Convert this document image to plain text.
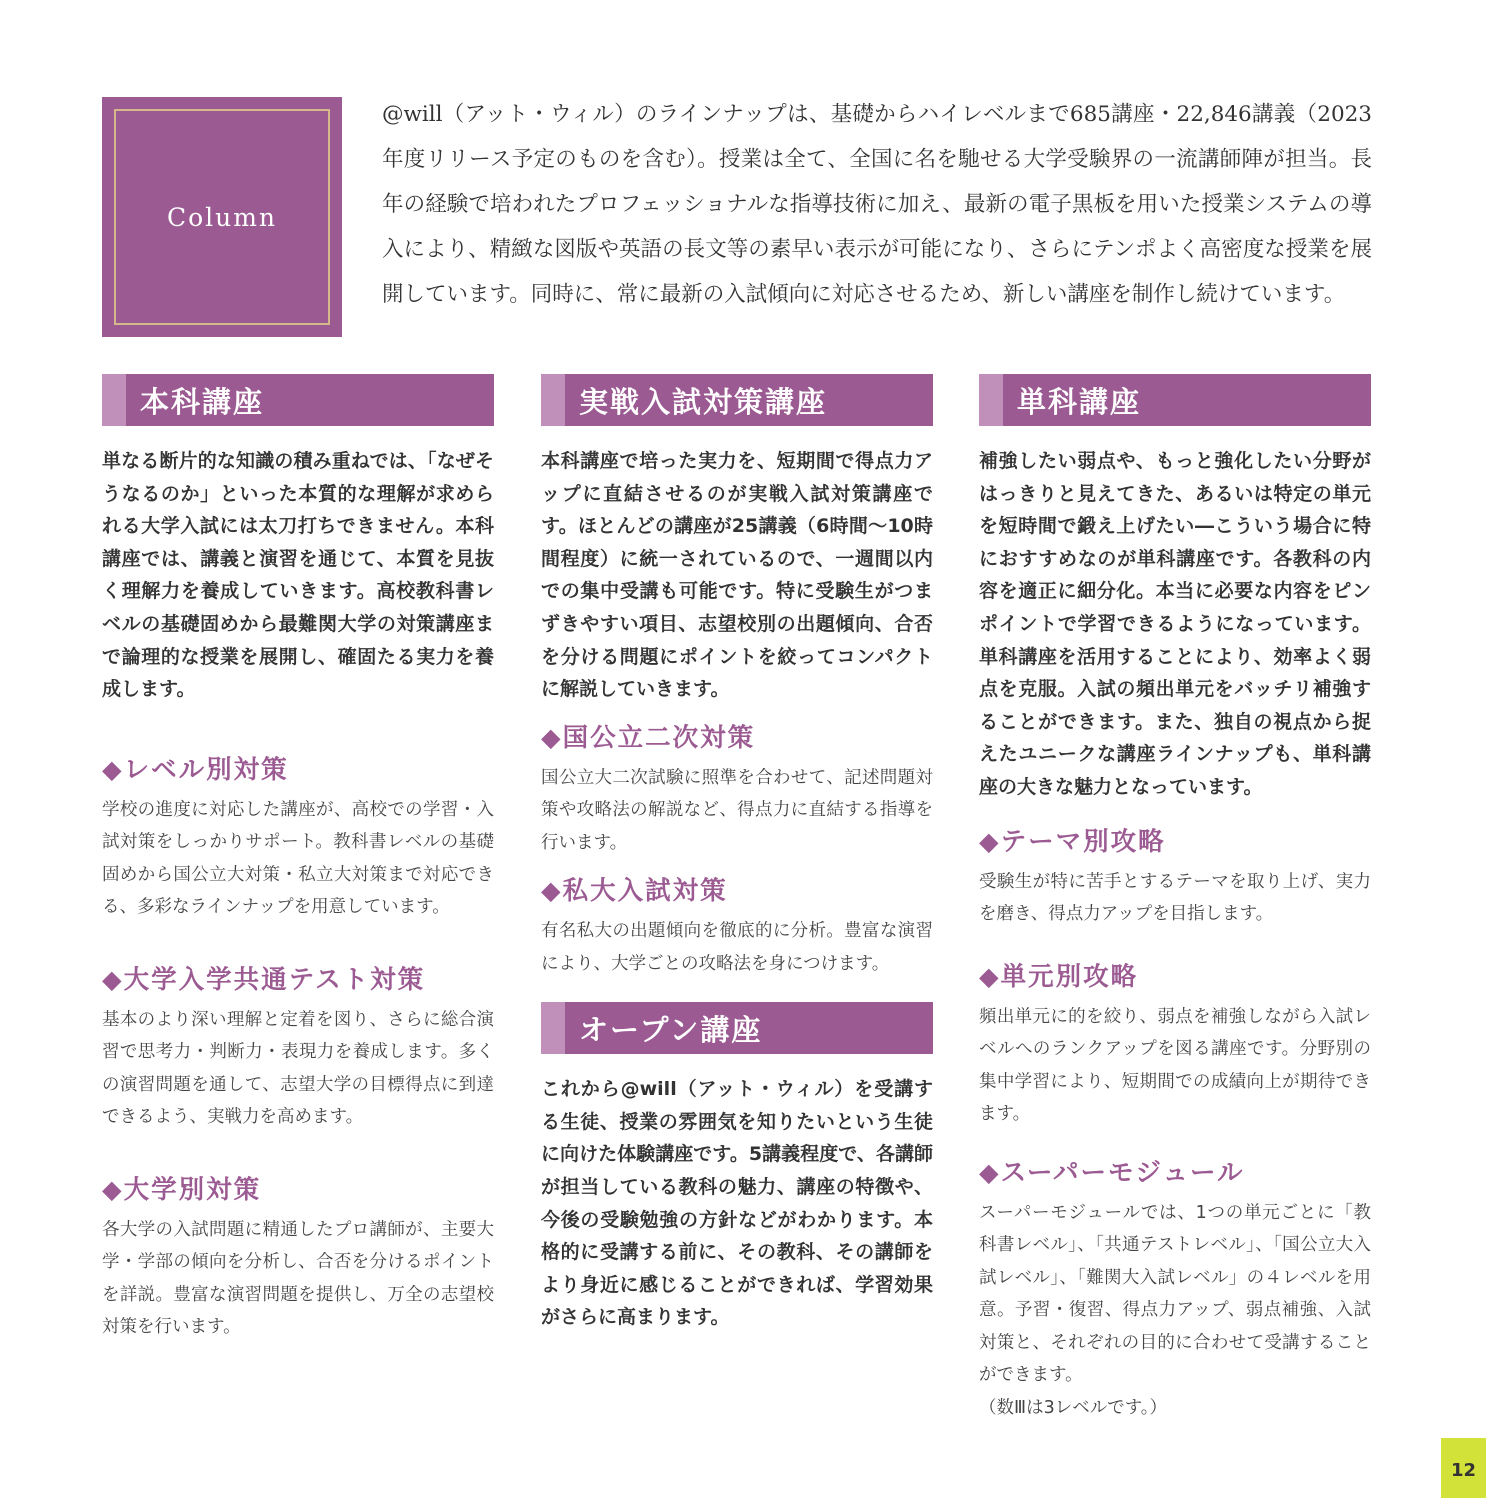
Column
@will（アット・ウィル）のラインナップは、基礎からハイレベルまで685講座・22,846講義（2023年度リリース予定のものを含む）。授業は全て、全国に名を馳せる大学受験界の一流講師陣が担当。長年の経験で培われたプロフェッショナルな指導技術に加え、最新の電子黒板を用いた授業システムの導入により、精緻な図版や英語の長文等の素早い表示が可能になり、さらにテンポよく高密度な授業を展開しています。同時に、常に最新の入試傾向に対応させるため、新しい講座を制作し続けています。
本科講座
単なる断片的な知識の積み重ねでは、「なぜそうなるのか」といった本質的な理解が求められる大学入試には太刀打ちできません。本科講座では、講義と演習を通じて、本質を見抜く理解力を養成していきます。高校教科書レベルの基礎固めから最難関大学の対策講座まで論理的な授業を展開し、確固たる実力を養成します。
◆レベル別対策
学校の進度に対応した講座が、高校での学習・入試対策をしっかりサポート。教科書レベルの基礎固めから国公立大対策・私立大対策まで対応できる、多彩なラインナップを用意しています。
◆大学入学共通テスト対策
基本のより深い理解と定着を図り、さらに総合演習で思考力・判断力・表現力を養成します。多くの演習問題を通して、志望大学の目標得点に到達できるよう、実戦力を高めます。
◆大学別対策
各大学の入試問題に精通したプロ講師が、主要大学・学部の傾向を分析し、合否を分けるポイントを詳説。豊富な演習問題を提供し、万全の志望校対策を行います。
実戦入試対策講座
本科講座で培った実力を、短期間で得点力アップに直結させるのが実戦入試対策講座です。ほとんどの講座が25講義（6時間〜10時間程度）に統一されているので、一週間以内での集中受講も可能です。特に受験生がつまずきやすい項目、志望校別の出題傾向、合否を分ける問題にポイントを絞ってコンパクトに解説していきます。
◆国公立二次対策
国公立大二次試験に照準を合わせて、記述問題対策や攻略法の解説など、得点力に直結する指導を行います。
◆私大入試対策
有名私大の出題傾向を徹底的に分析。豊富な演習により、大学ごとの攻略法を身につけます。
オープン講座
これから@will（アット・ウィル）を受講する生徒、授業の雰囲気を知りたいという生徒に向けた体験講座です。5講義程度で、各講師が担当している教科の魅力、講座の特徴や、今後の受験勉強の方針などがわかります。本格的に受講する前に、その教科、その講師をより身近に感じることができれば、学習効果がさらに高まります。
単科講座
補強したい弱点や、もっと強化したい分野がはっきりと見えてきた、あるいは特定の単元を短時間で鍛え上げたい―こういう場合に特におすすめなのが単科講座です。各教科の内容を適正に細分化。本当に必要な内容をピンポイントで学習できるようになっています。単科講座を活用することにより、効率よく弱点を克服。入試の頻出単元をバッチリ補強することができます。また、独自の視点から捉えたユニークな講座ラインナップも、単科講座の大きな魅力となっています。
◆テーマ別攻略
受験生が特に苦手とするテーマを取り上げ、実力を磨き、得点力アップを目指します。
◆単元別攻略
頻出単元に的を絞り、弱点を補強しながら入試レベルへのランクアップを図る講座です。分野別の集中学習により、短期間での成績向上が期待できます。
◆スーパーモジュール
スーパーモジュールでは、1つの単元ごとに「教科書レベル」、「共通テストレベル」、「国公立大入試レベル」、「難関大入試レベル」の４レベルを用意。予習・復習、得点力アップ、弱点補強、入試対策と、それぞれの目的に合わせて受講することができます。
（数Ⅲは3レベルです。）
12
